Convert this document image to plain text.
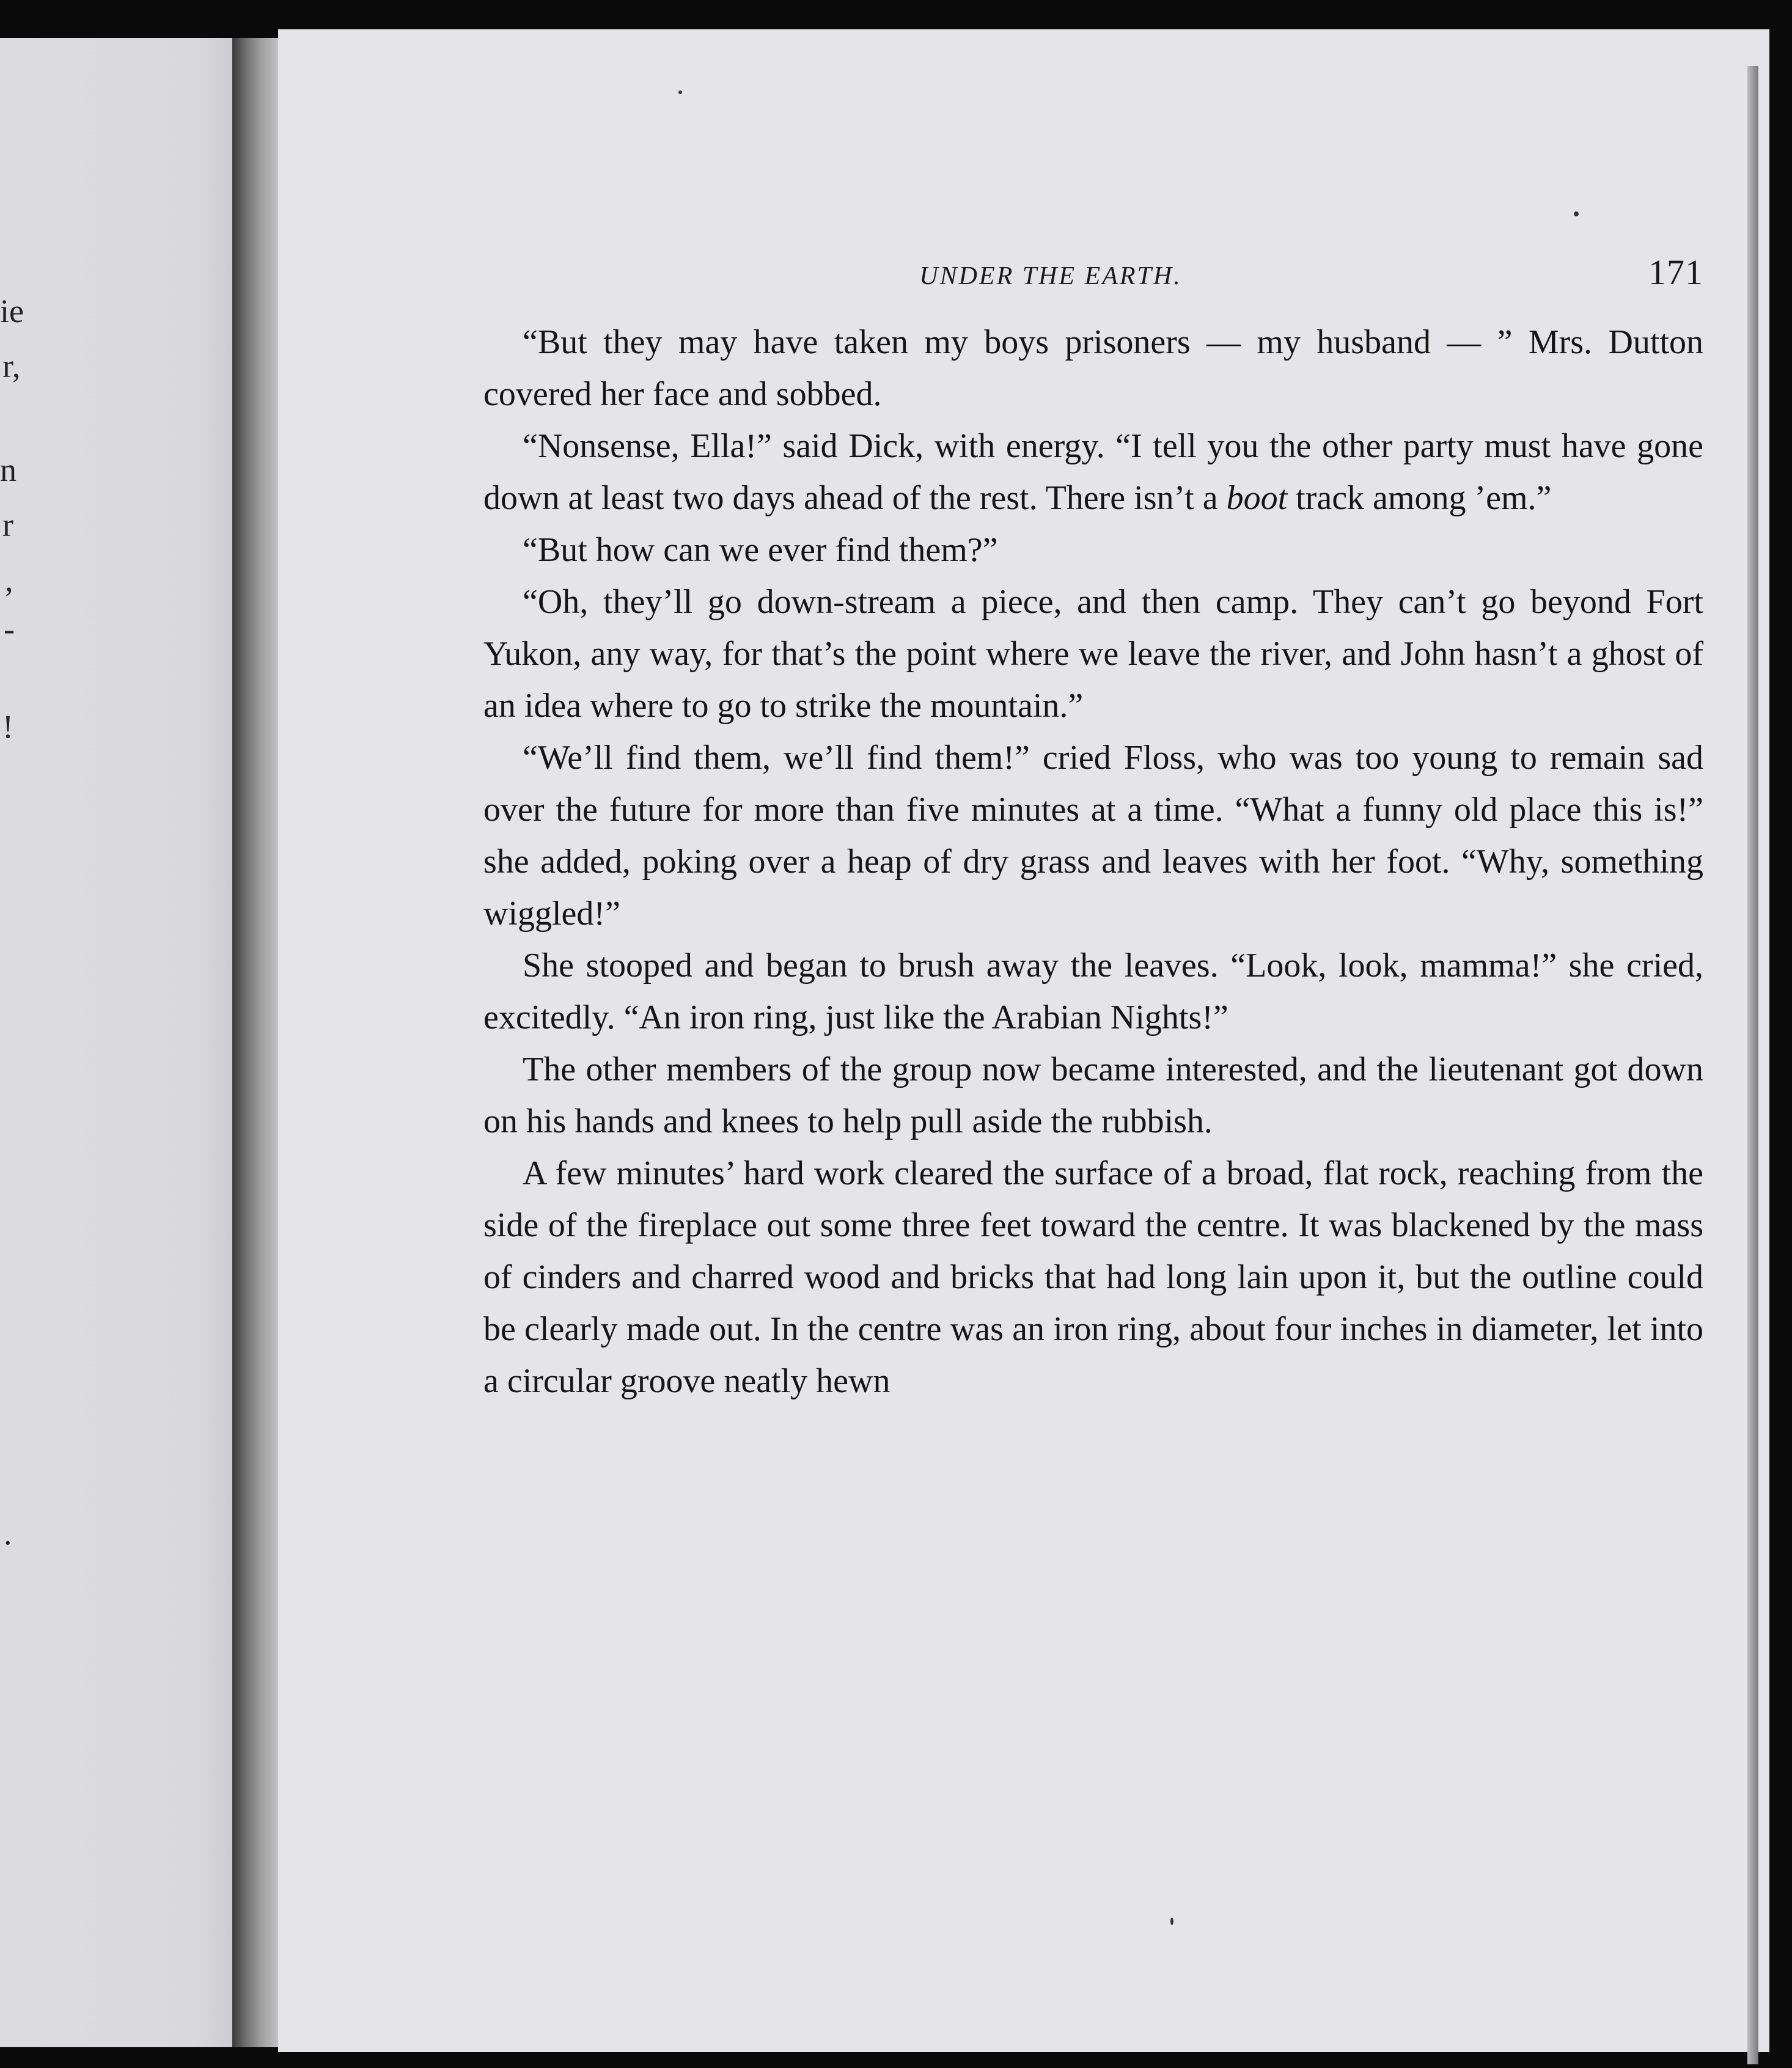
ie
r,
n
r
,
-
!
.
UNDER THE EARTH.	171

“But they may have taken my boys prisoners — my husband — ” Mrs. Dutton covered her face and sobbed.

“Nonsense, Ella!” said Dick, with energy. “I tell you the other party must have gone down at least two days ahead of the rest. There isn’t a boot track among ’em.”

“But how can we ever find them?”

“Oh, they’ll go down-stream a piece, and then camp. They can’t go beyond Fort Yukon, any way, for that’s the point where we leave the river, and John hasn’t a ghost of an idea where to go to strike the mountain.”

“We’ll find them, we’ll find them!” cried Floss, who was too young to remain sad over the future for more than five minutes at a time. “What a funny old place this is!” she added, poking over a heap of dry grass and leaves with her foot. “Why, something wiggled!”

She stooped and began to brush away the leaves. “Look, look, mamma!” she cried, excitedly. “An iron ring, just like the Arabian Nights!”

The other members of the group now became interested, and the lieutenant got down on his hands and knees to help pull aside the rubbish.

A few minutes’ hard work cleared the surface of a broad, flat rock, reaching from the side of the fireplace out some three feet toward the centre. It was blackened by the mass of cinders and charred wood and bricks that had long lain upon it, but the outline could be clearly made out. In the centre was an iron ring, about four inches in diameter, let into a circular groove neatly hewn
